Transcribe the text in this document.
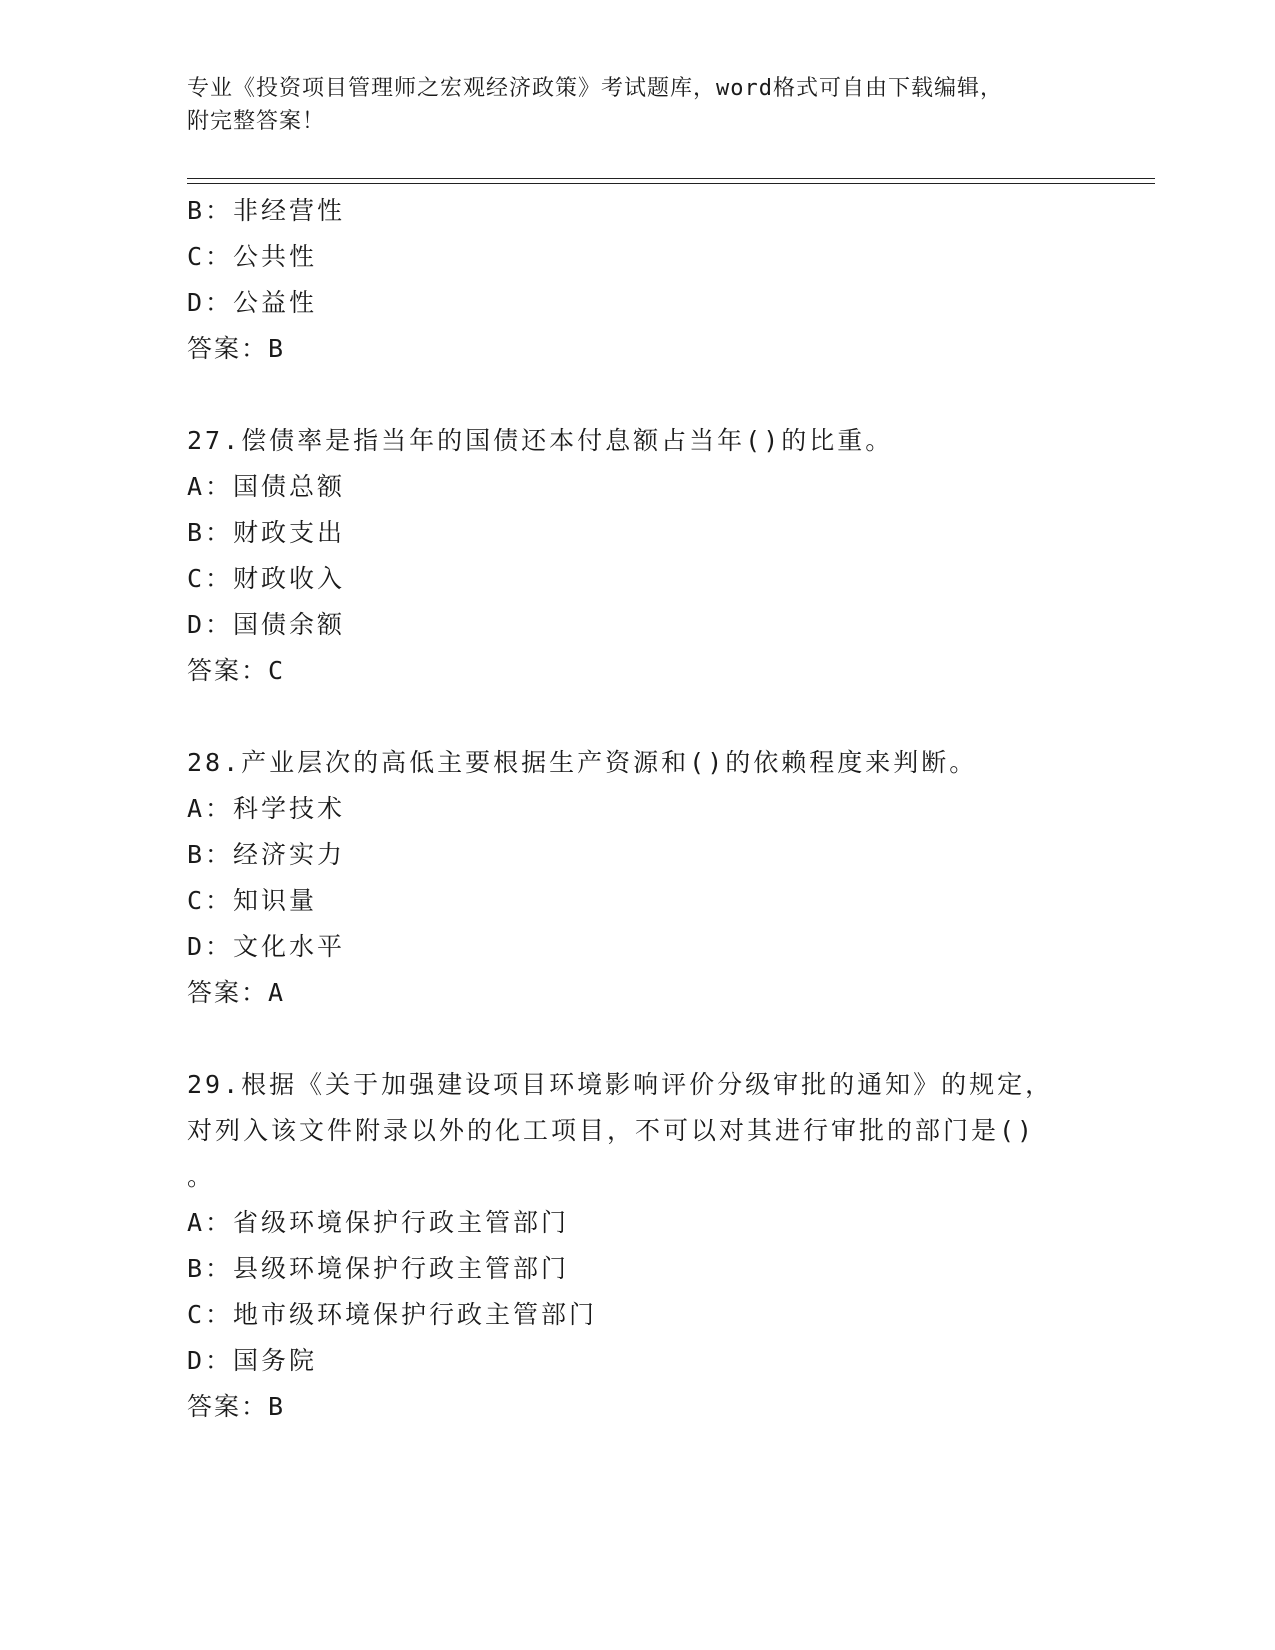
专业《投资项目管理师之宏观经济政策》考试题库，word格式可自由下载编辑，
附完整答案！
B：非经营性
C：公共性
D：公益性
答案：B
27.偿债率是指当年的国债还本付息额占当年()的比重。
A：国债总额
B：财政支出
C：财政收入
D：国债余额
答案：C
28.产业层次的高低主要根据生产资源和()的依赖程度来判断。
A：科学技术
B：经济实力
C：知识量
D：文化水平
答案：A
29.根据《关于加强建设项目环境影响评价分级审批的通知》的规定，
对列入该文件附录以外的化工项目，不可以对其进行审批的部门是()
。
A：省级环境保护行政主管部门
B：县级环境保护行政主管部门
C：地市级环境保护行政主管部门
D：国务院
答案：B
